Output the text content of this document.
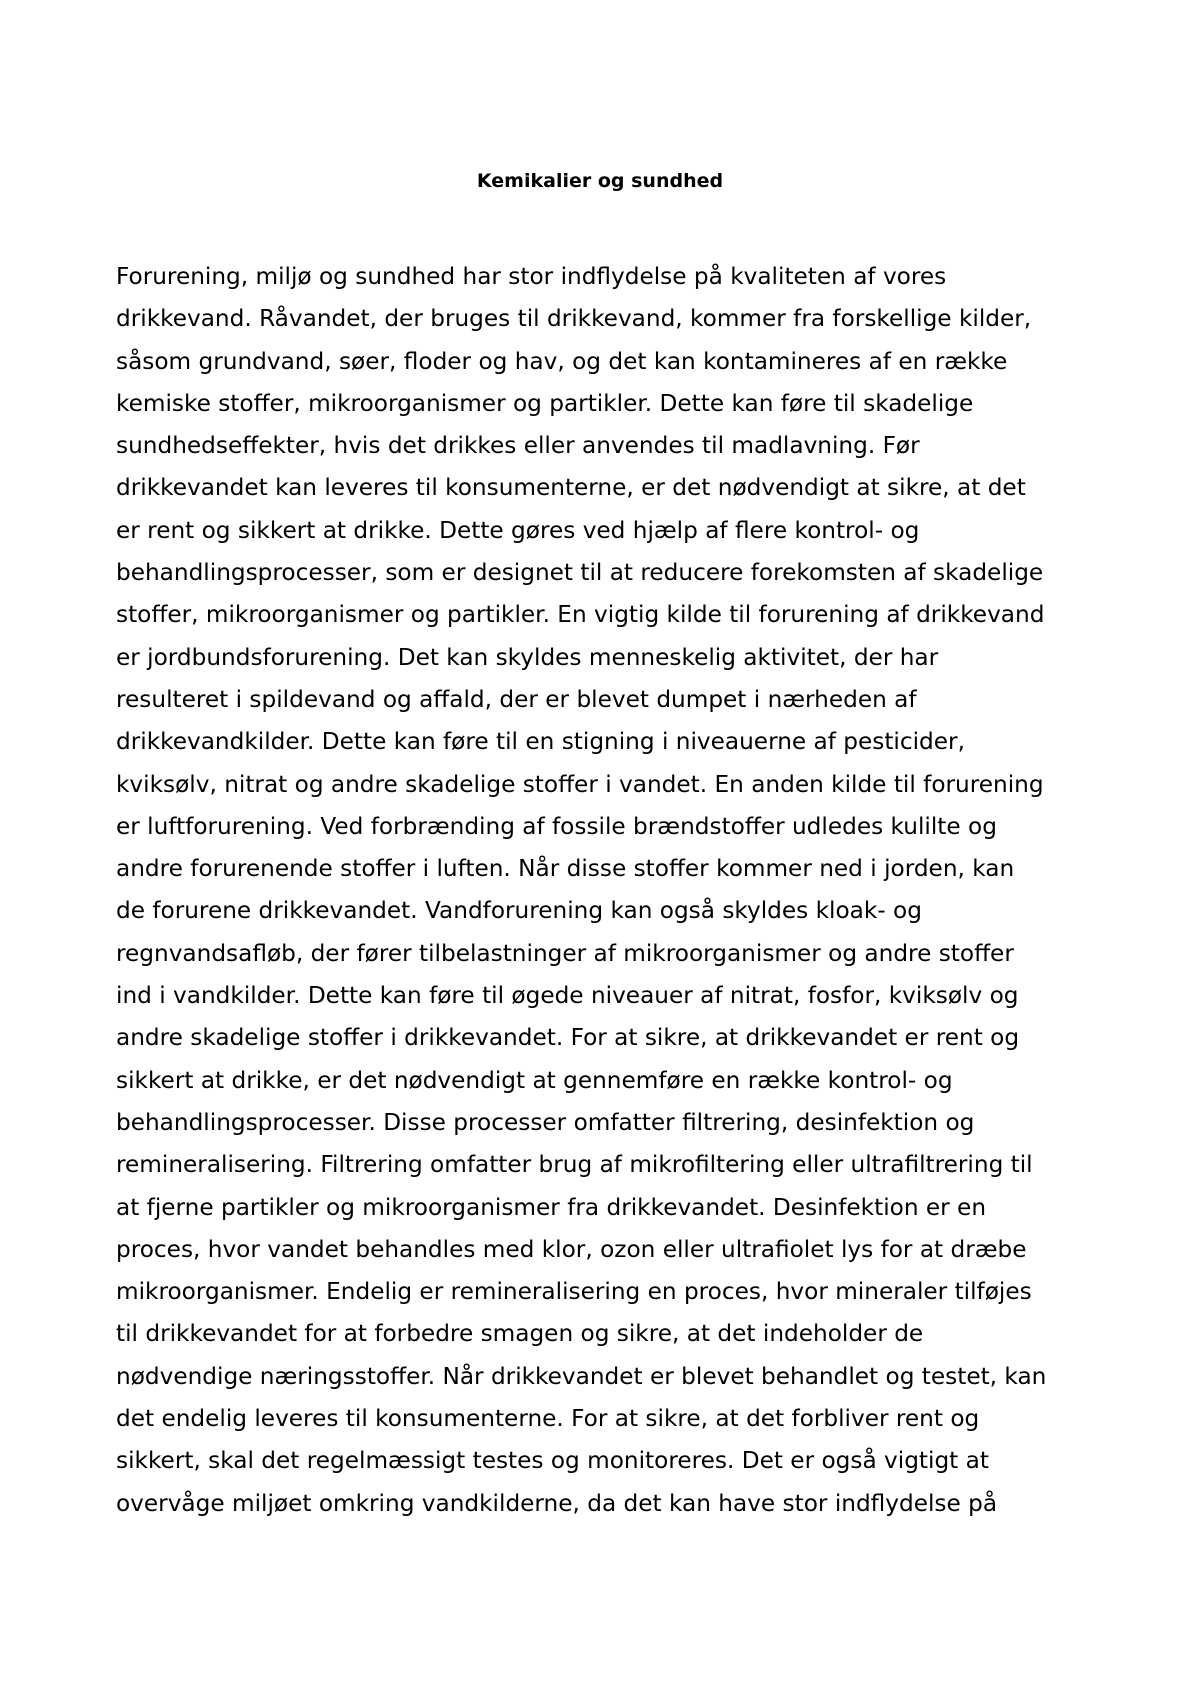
Kemikalier og sundhed
Forurening, miljø og sundhed har stor indflydelse på kvaliteten af vores
drikkevand. Råvandet, der bruges til drikkevand, kommer fra forskellige kilder,
såsom grundvand, søer, floder og hav, og det kan kontamineres af en række
kemiske stoffer, mikroorganismer og partikler. Dette kan føre til skadelige
sundhedseffekter, hvis det drikkes eller anvendes til madlavning. Før
drikkevandet kan leveres til konsumenterne, er det nødvendigt at sikre, at det
er rent og sikkert at drikke. Dette gøres ved hjælp af flere kontrol- og
behandlingsprocesser, som er designet til at reducere forekomsten af skadelige
stoffer, mikroorganismer og partikler. En vigtig kilde til forurening af drikkevand
er jordbundsforurening. Det kan skyldes menneskelig aktivitet, der har
resulteret i spildevand og affald, der er blevet dumpet i nærheden af
drikkevandkilder. Dette kan føre til en stigning i niveauerne af pesticider,
kviksølv, nitrat og andre skadelige stoffer i vandet. En anden kilde til forurening
er luftforurening. Ved forbrænding af fossile brændstoffer udledes kulilte og
andre forurenende stoffer i luften. Når disse stoffer kommer ned i jorden, kan
de forurene drikkevandet. Vandforurening kan også skyldes kloak- og
regnvandsafløb, der fører tilbelastninger af mikroorganismer og andre stoffer
ind i vandkilder. Dette kan føre til øgede niveauer af nitrat, fosfor, kviksølv og
andre skadelige stoffer i drikkevandet. For at sikre, at drikkevandet er rent og
sikkert at drikke, er det nødvendigt at gennemføre en række kontrol- og
behandlingsprocesser. Disse processer omfatter filtrering, desinfektion og
remineralisering. Filtrering omfatter brug af mikrofiltering eller ultrafiltrering til
at fjerne partikler og mikroorganismer fra drikkevandet. Desinfektion er en
proces, hvor vandet behandles med klor, ozon eller ultrafiolet lys for at dræbe
mikroorganismer. Endelig er remineralisering en proces, hvor mineraler tilføjes
til drikkevandet for at forbedre smagen og sikre, at det indeholder de
nødvendige næringsstoffer. Når drikkevandet er blevet behandlet og testet, kan
det endelig leveres til konsumenterne. For at sikre, at det forbliver rent og
sikkert, skal det regelmæssigt testes og monitoreres. Det er også vigtigt at
overvåge miljøet omkring vandkilderne, da det kan have stor indflydelse på
